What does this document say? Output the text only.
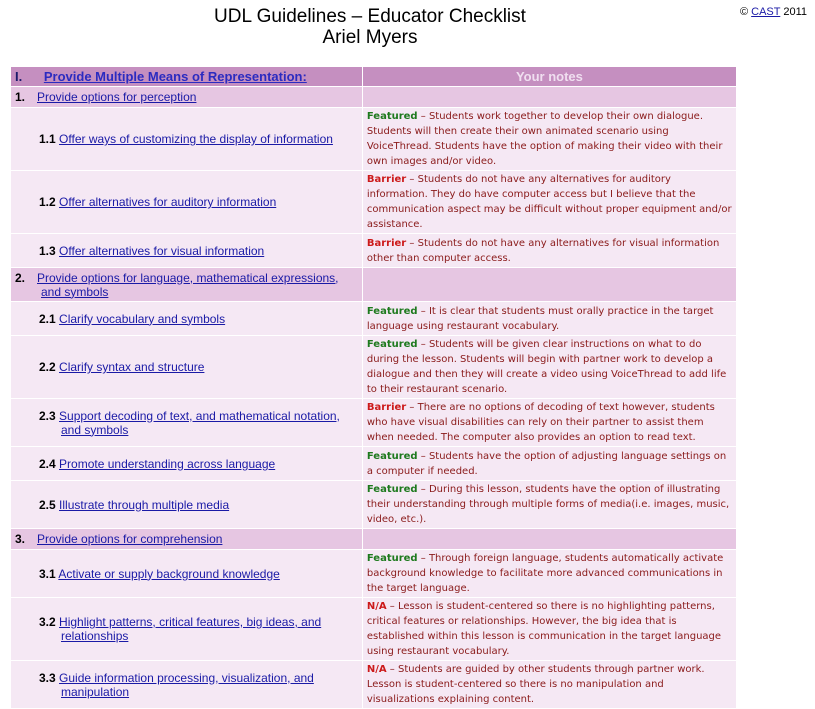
UDL Guidelines – Educator Checklist
Ariel Myers
© CAST 2011
I. Provide Multiple Means of Representation:	Your notes
1. Provide options for perception	
1.1 Offer ways of customizing the display of information	Featured – Students work together to develop their own dialogue. Students will then create their own animated scenario using VoiceThread. Students have the option of making their video with their own images and/or video.
1.2 Offer alternatives for auditory information	Barrier – Students do not have any alternatives for auditory information. They do have computer access but I believe that the communication aspect may be difficult without proper equipment and/or assistance.
1.3 Offer alternatives for visual information	Barrier – Students do not have any alternatives for visual information other than computer access.
2. Provide options for language, mathematical expressions,
and symbols	
2.1 Clarify vocabulary and symbols	Featured – It is clear that students must orally practice in the target language using restaurant vocabulary.
2.2 Clarify syntax and structure	Featured – Students will be given clear instructions on what to do during the lesson. Students will begin with partner work to develop a dialogue and then they will create a video using VoiceThread to add life to their restaurant scenario.
2.3 Support decoding of text, and mathematical notation,
and symbols	Barrier – There are no options of decoding of text however, students who have visual disabilities can rely on their partner to assist them when needed. The computer also provides an option to read text.
2.4 Promote understanding across language	Featured – Students have the option of adjusting language settings on a computer if needed.
2.5 Illustrate through multiple media	Featured – During this lesson, students have the option of illustrating their understanding through multiple forms of media(i.e. images, music, video, etc.).
3. Provide options for comprehension	
3.1 Activate or supply background knowledge	Featured – Through foreign language, students automatically activate background knowledge to facilitate more advanced communications in the target language.
3.2 Highlight patterns, critical features, big ideas, and
relationships	N/A – Lesson is student-centered so there is no highlighting patterns, critical features or relationships. However, the big idea that is established within this lesson is communication in the target language using restaurant vocabulary.
3.3 Guide information processing, visualization, and
manipulation	N/A – Students are guided by other students through partner work. Lesson is student-centered so there is no manipulation and visualizations explaining content.
